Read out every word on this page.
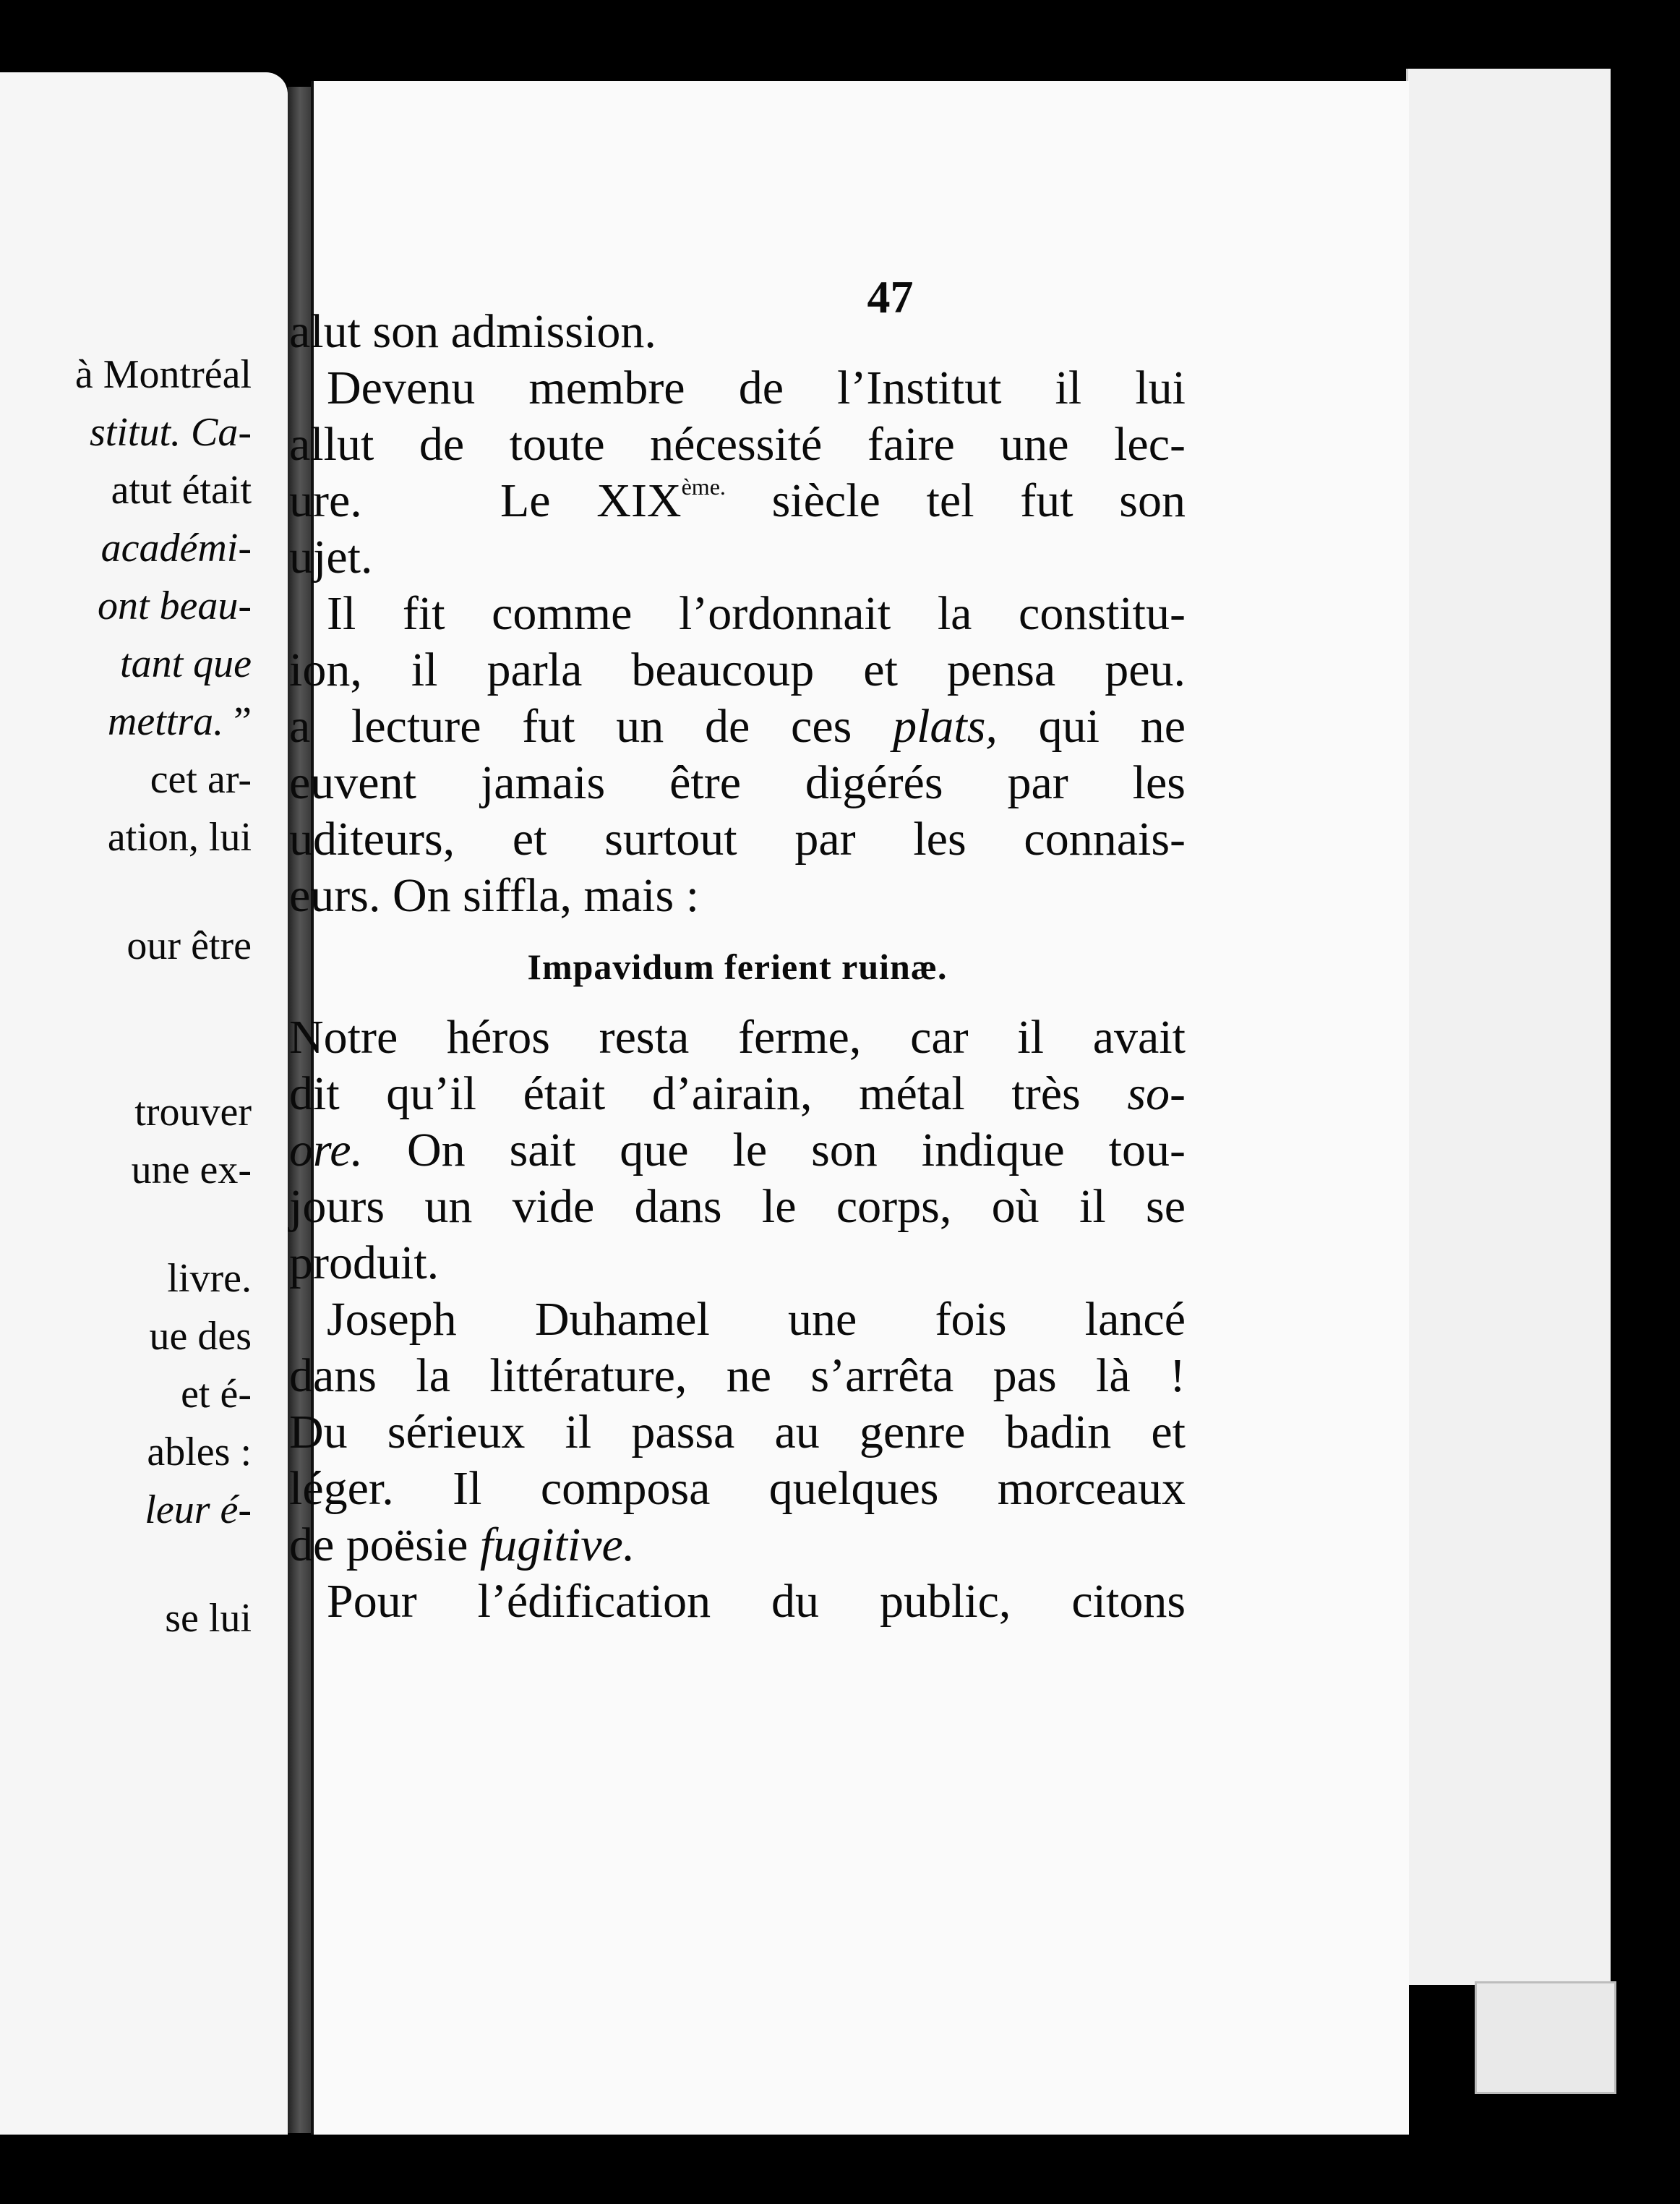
à Montréal
stitut. Ca-
atut était
académi-
ont beau-
tant que
mettra. ”
cet ar-
ation, lui
our être
trouver
une ex-
livre.
ue des
et é-
ables :
leur é-
se lui
47
alut son admission.
Devenu membre de l’Institut il lui
allut de toute nécessité faire une lec-
ure.	Le $XIX^{ème.}$ siècle tel fut son
ujet.
Il fit comme l’ordonnait la constitu-
ion, il parla beaucoup et pensa peu.
a lecture fut un de ces plats, qui ne
euvent jamais être digérés par les
uditeurs, et surtout par les connais-
eurs. On siffla, mais :
Impavidum ferient ruinæ.
Notre héros resta ferme, car il avait
dit qu’il était d’airain, métal très so-
ore. On sait que le son indique tou-
jours un vide dans le corps, où il se
produit.
Joseph Duhamel une fois lancé
dans la littérature, ne s’arrêta pas là !
Du sérieux il passa au genre badin et
léger. Il composa quelques morceaux
de poësie fugitive.
Pour l’édification du public, citons
